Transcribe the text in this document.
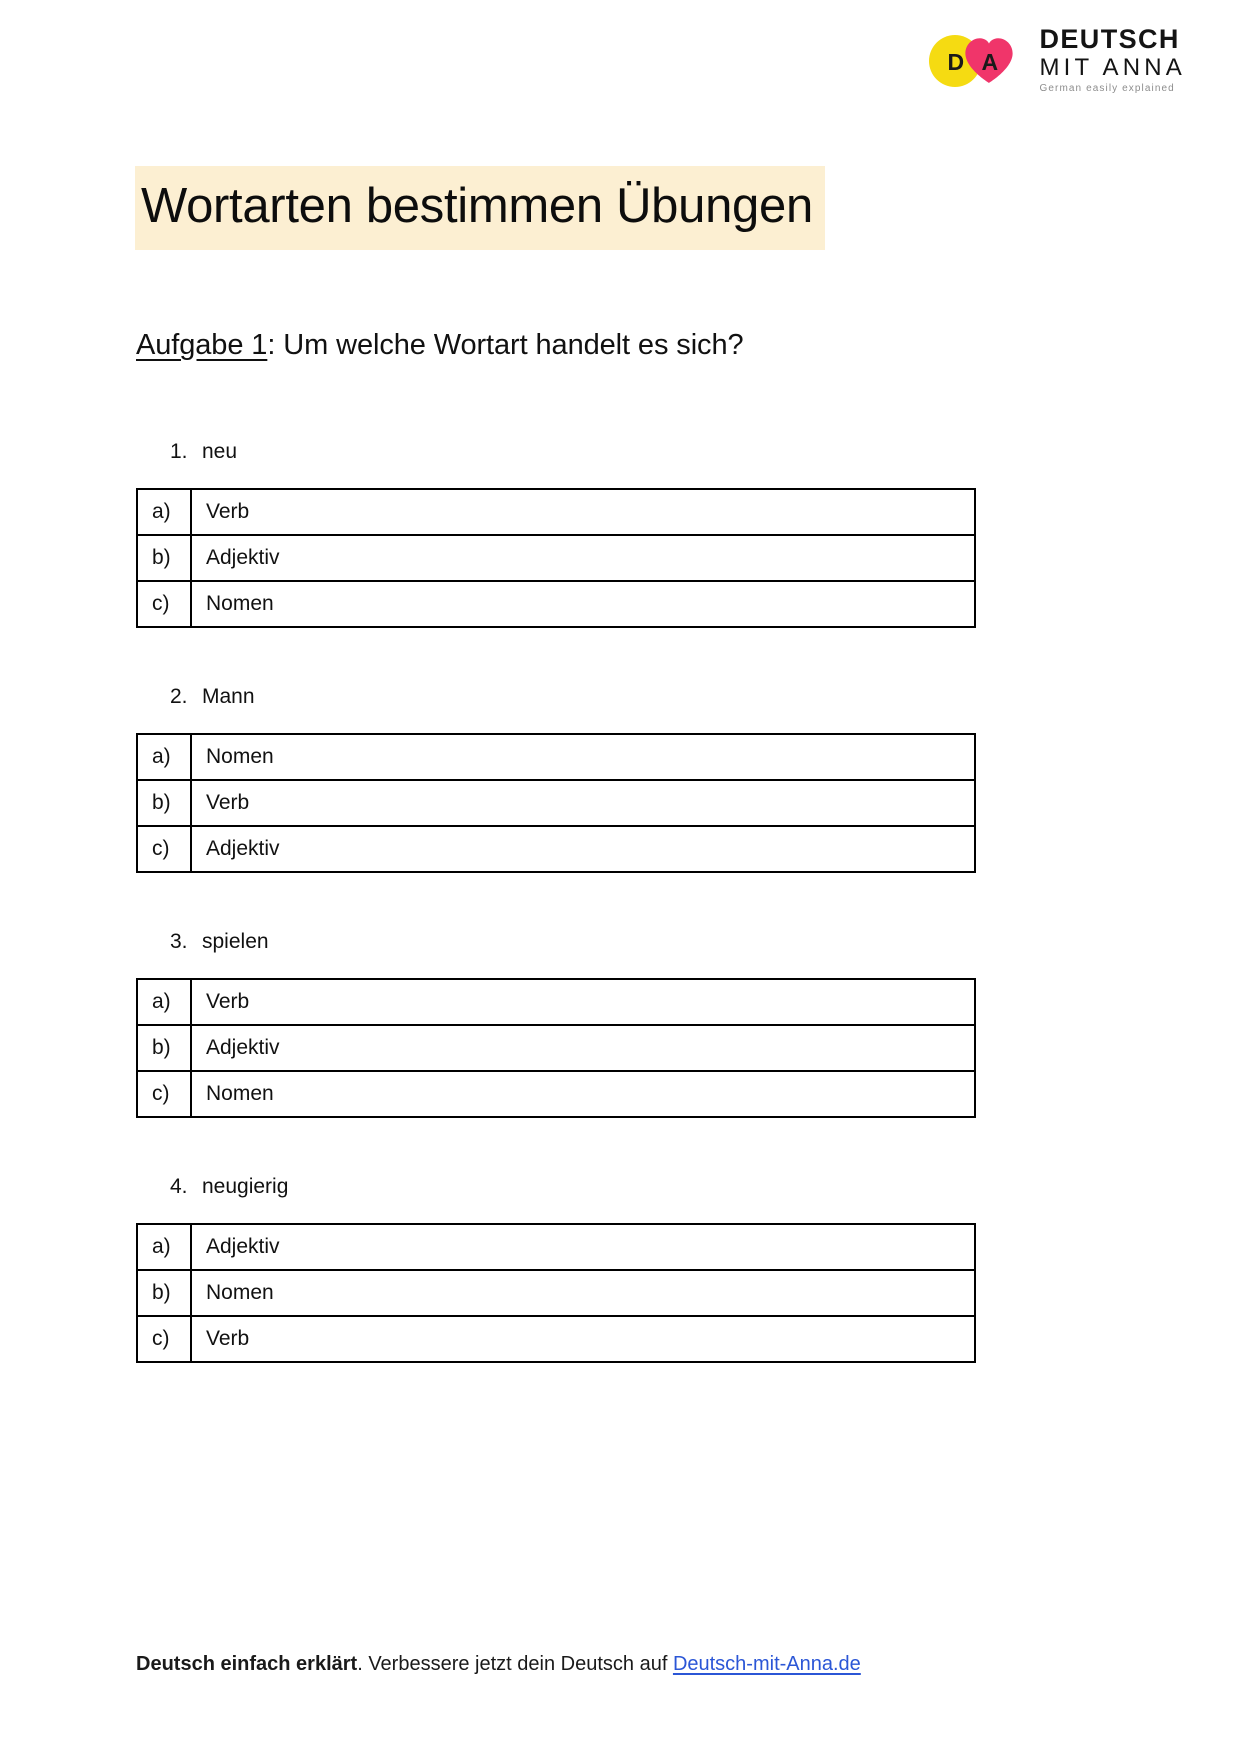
D A
DEUTSCH
MIT ANNA
German easily explained
Wortarten bestimmen Übungen
Aufgabe 1: Um welche Wortart handelt es sich?
1. neu
a)	Verb
b)	Adjektiv
c)	Nomen
2. Mann
a)	Nomen
b)	Verb
c)	Adjektiv
3. spielen
a)	Verb
b)	Adjektiv
c)	Nomen
4. neugierig
a)	Adjektiv
b)	Nomen
c)	Verb
Deutsch einfach erklärt. Verbessere jetzt dein Deutsch auf Deutsch-mit-Anna.de
